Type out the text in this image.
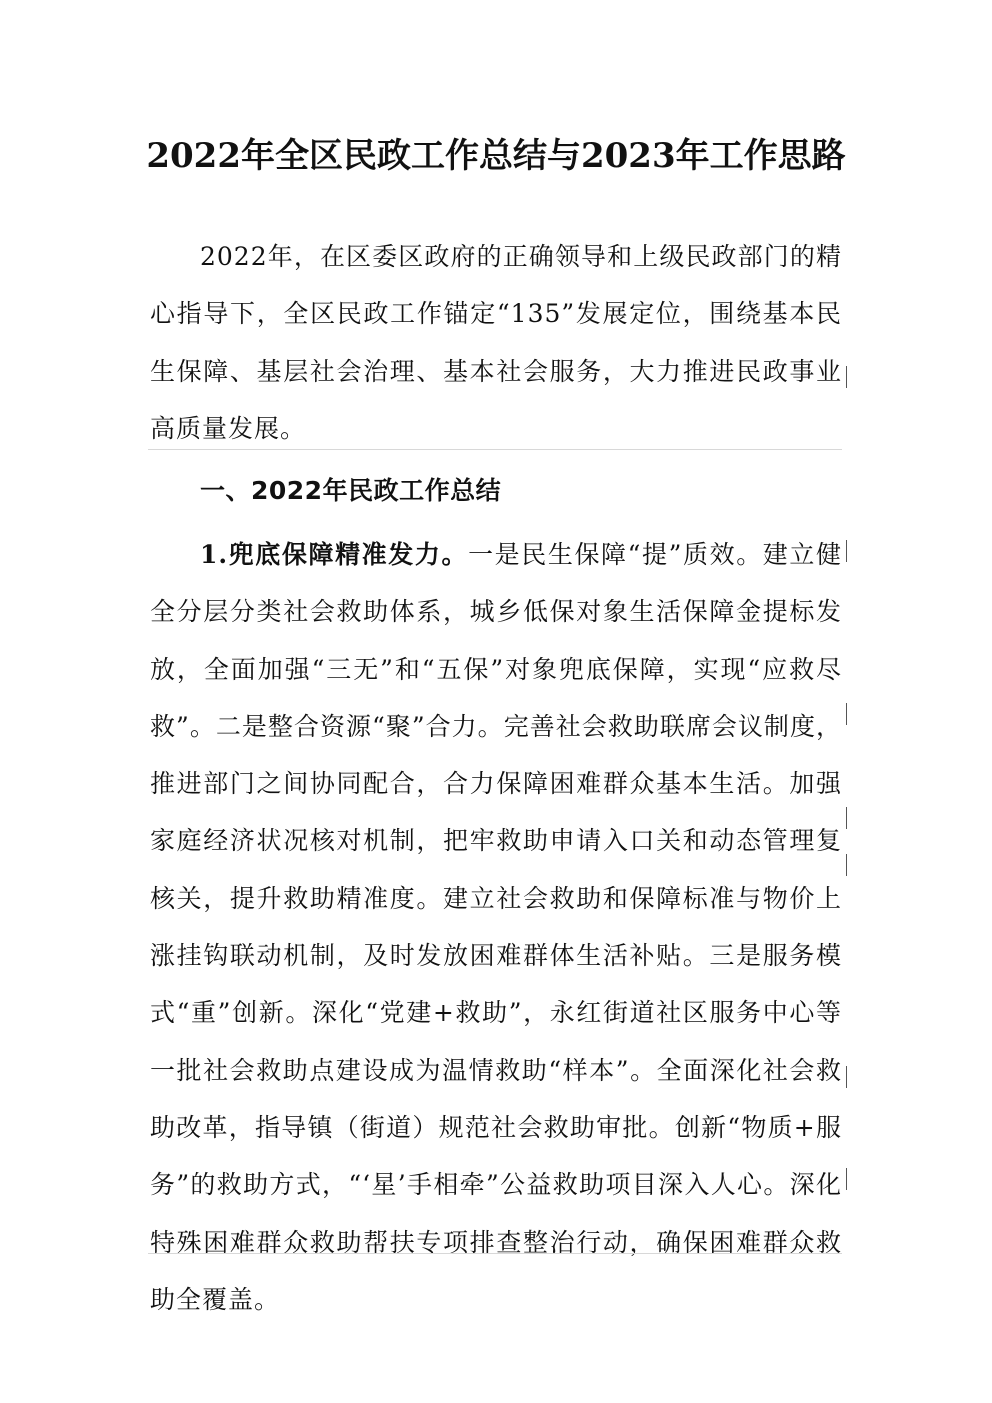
2022年全区民政工作总结与2023年工作思路

2022年，在区委区政府的正确领导和上级民政部门的精心指导下，全区民政工作锚定“135”发展定位，围绕基本民生保障、基层社会治理、基本社会服务，大力推进民政事业高质量发展。

一、2022年民政工作总结

1.兜底保障精准发力。一是民生保障“提”质效。建立健全分层分类社会救助体系，城乡低保对象生活保障金提标发放，全面加强“三无”和“五保”对象兜底保障，实现“应救尽救”。二是整合资源“聚”合力。完善社会救助联席会议制度，推进部门之间协同配合，合力保障困难群众基本生活。加强家庭经济状况核对机制，把牢救助申请入口关和动态管理复核关，提升救助精准度。建立社会救助和保障标准与物价上涨挂钩联动机制，及时发放困难群体生活补贴。三是服务模式“重”创新。深化“党建+救助”，永红街道社区服务中心等一批社会救助点建设成为温情救助“样本”。全面深化社会救助改革，指导镇（街道）规范社会救助审批。创新“物质+服务”的救助方式，“‘星’手相牵”公益救助项目深入人心。深化特殊困难群众救助帮扶专项排查整治行动，确保困难群众救助全覆盖。
